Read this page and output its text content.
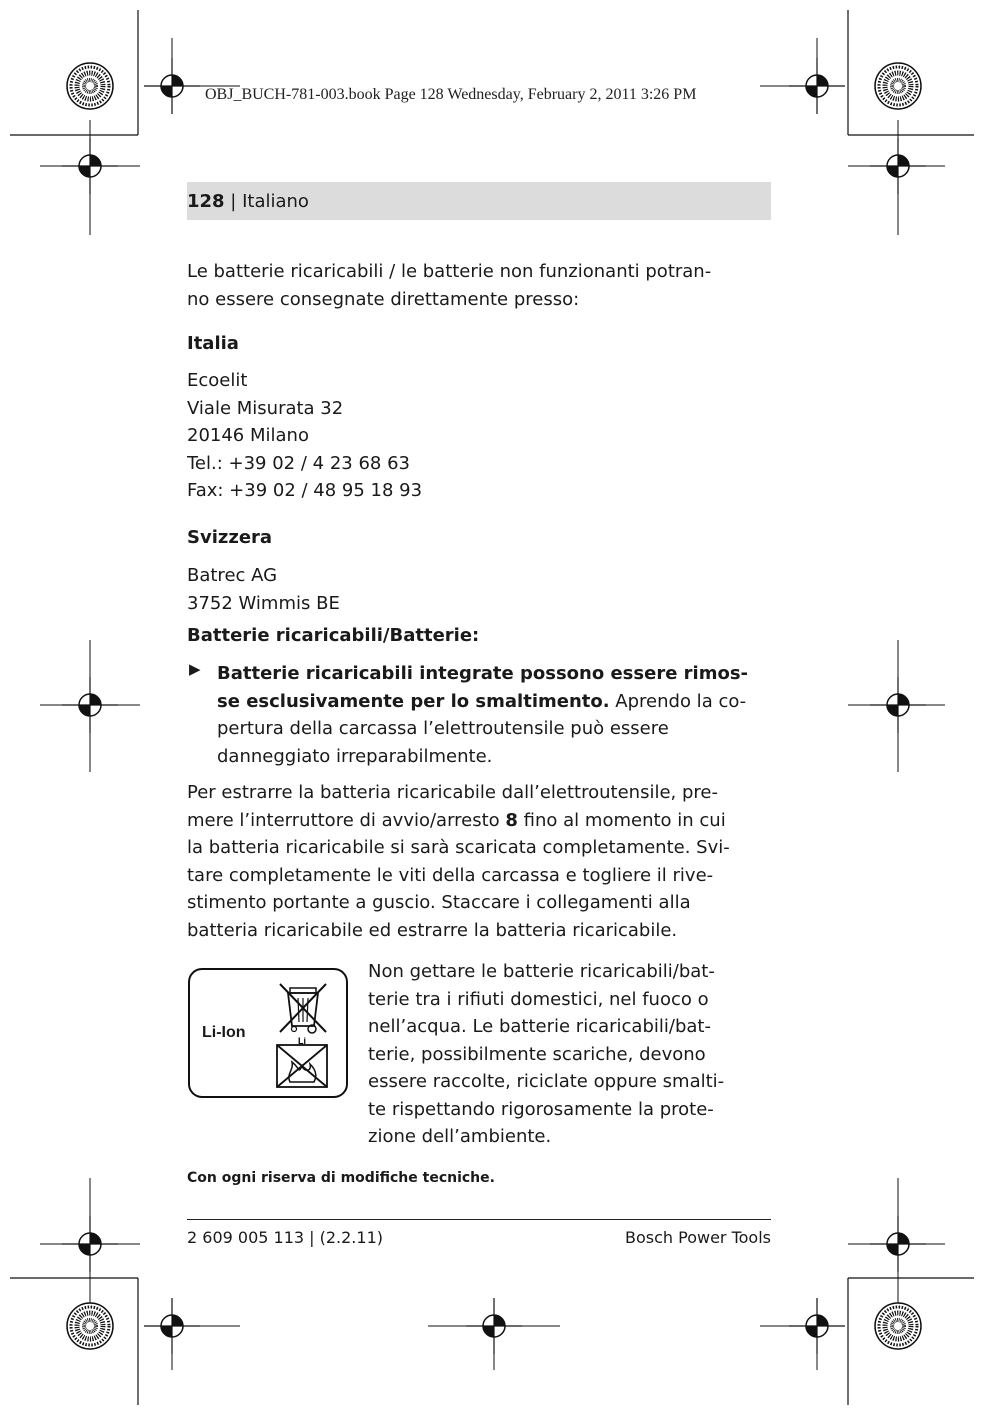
OBJ_BUCH-781-003.book Page 128 Wednesday, February 2, 2011 3:26 PM
128 | Italiano

Le batterie ricaricabili / le batterie non funzionanti potran-

no essere consegnate direttamente presso:

Italia

Ecoelit

Viale Misurata 32

20146 Milano

Tel.: +39 02 / 4 23 68 63

Fax: +39 02 / 48 95 18 93

Svizzera

Batrec AG

3752 Wimmis BE

Batterie ricaricabili/Batterie:

▶ Batterie ricaricabili integrate possono essere rimos-

se esclusivamente per lo smaltimento. Aprendo la co-

pertura della carcassa l’elettroutensile può essere

danneggiato irreparabilmente.

Per estrarre la batteria ricaricabile dall’elettroutensile, pre-

mere l’interruttore di avvio/arresto 8 fino al momento in cui

la batteria ricaricabile si sarà scaricata completamente. Svi-

tare completamente le viti della carcassa e togliere il rive-

stimento portante a guscio. Staccare i collegamenti alla

batteria ricaricabile ed estrarre la batteria ricaricabile.

Li-Ion	Li

Non gettare le batterie ricaricabili/bat-

terie tra i rifiuti domestici, nel fuoco o

nell’acqua. Le batterie ricaricabili/bat-

terie, possibilmente scariche, devono

essere raccolte, riciclate oppure smalti-

te rispettando rigorosamente la prote-

zione dell’ambiente.

Con ogni riserva di modifiche tecniche.

2 609 005 113 | (2.2.11)	Bosch Power Tools
